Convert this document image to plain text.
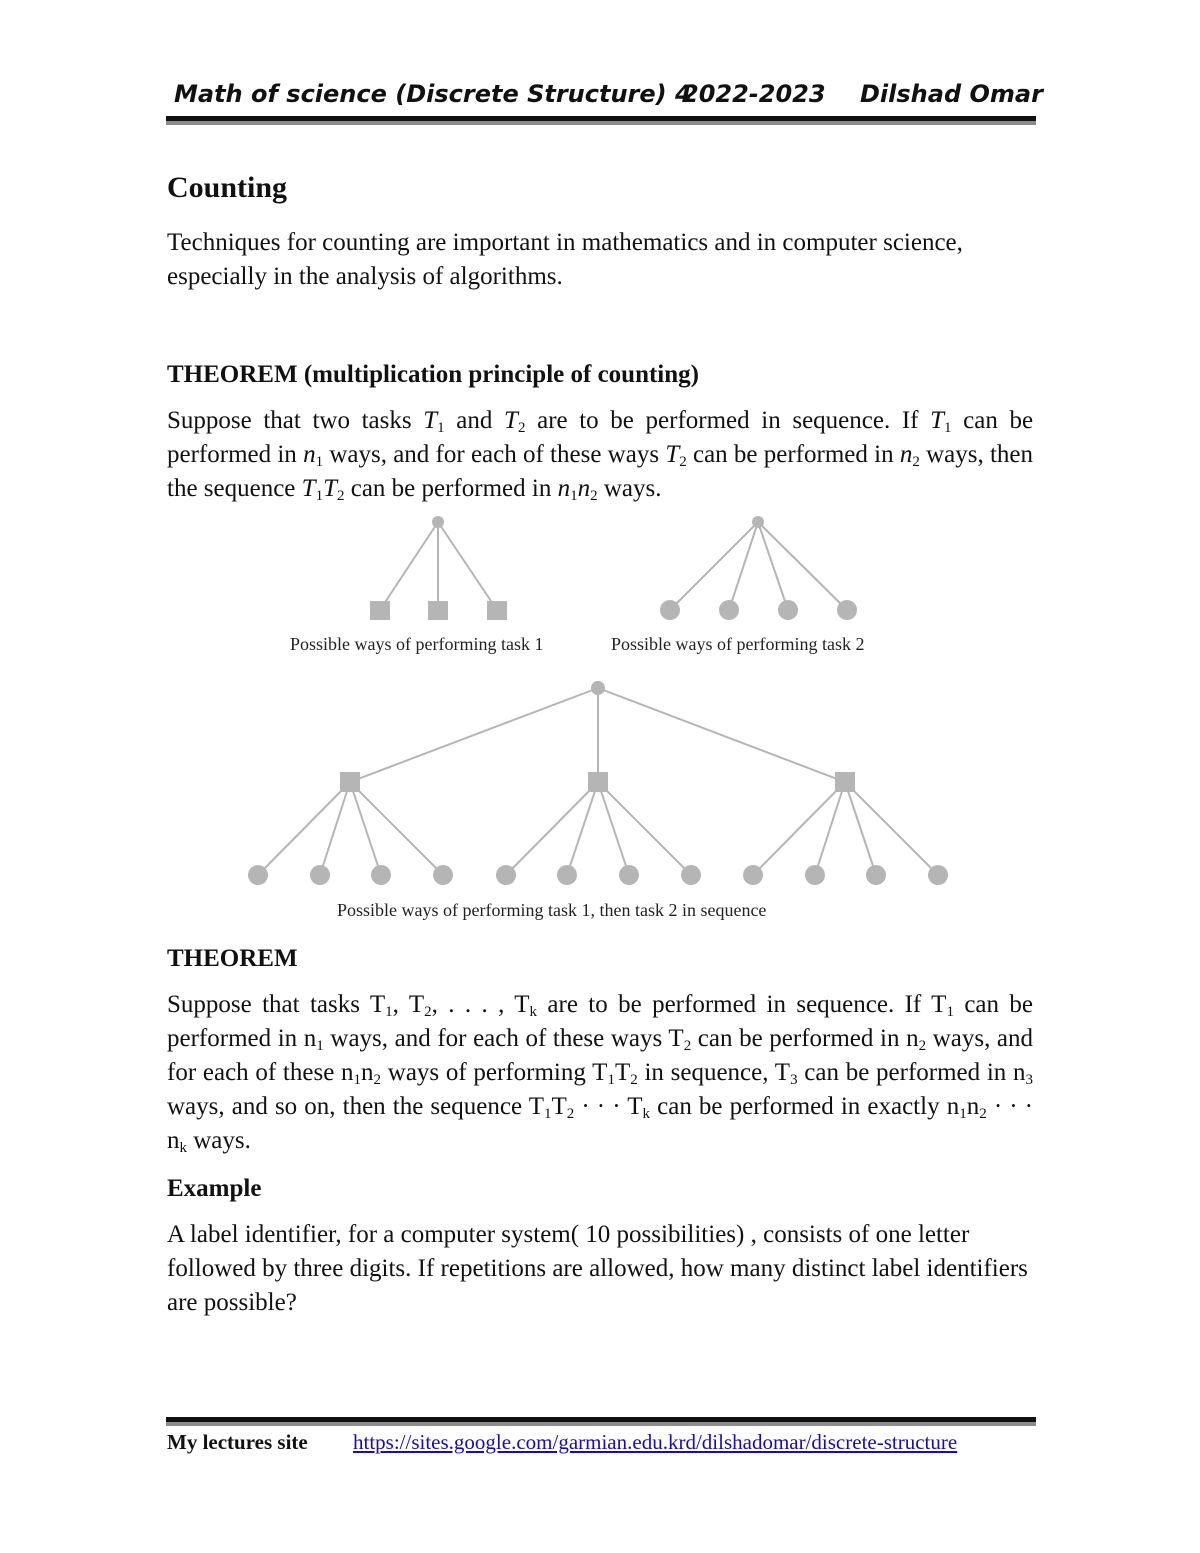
Math of science (Discrete Structure) 4
2022-2023 Dilshad Omar
Counting

Techniques for counting are important in mathematics and in computer science, especially in the analysis of algorithms.

THEOREM (multiplication principle of counting)

Suppose that two tasks $T_1$ and $T_2$ are to be performed in sequence. If $T_1$ can be performed in $n_1$ ways, and for each of these ways $T_2$ can be performed in $n_2$ ways, then the sequence $T_1T_2$ can be performed in $n_1n_2$ ways.

Possible ways of performing task 1	Possible ways of performing task 2
Possible ways of performing task 1, then task 2 in sequence

THEOREM

Suppose that tasks $T_1$, $T_2$, . . . , $T_k$ are to be performed in sequence. If $T_1$ can be performed in $n_1$ ways, and for each of these ways $T_2$ can be performed in $n_2$ ways, and for each of these $n_1n_2$ ways of performing $T_1T_2$ in sequence, $T_3$ can be performed in $n_3$ ways, and so on, then the sequence $T_1T_2$ · · · $T_k$ can be performed in exactly $n_1n_2$ · · · $n_k$ ways.

Example

A label identifier, for a computer system( 10 possibilities) , consists of one letter followed by three digits. If repetitions are allowed, how many distinct label identifiers are possible?

My lectures site https://sites.google.com/garmian.edu.krd/dilshadomar/discrete-structure
